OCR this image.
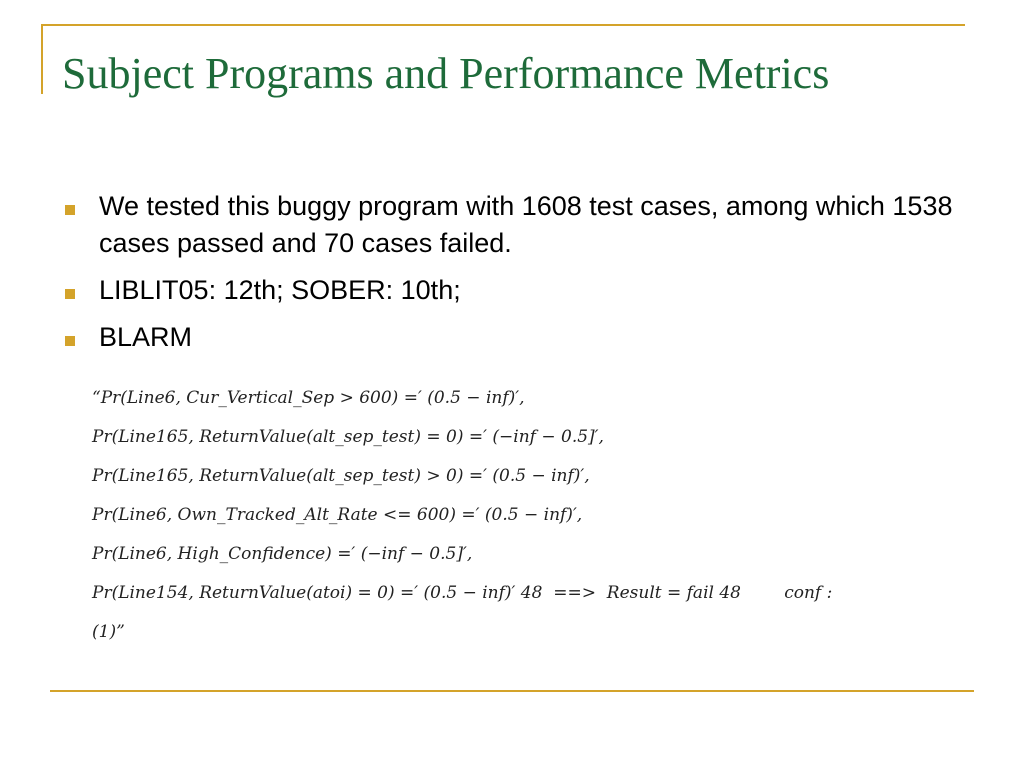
Subject Programs and Performance Metrics
We tested this buggy program with 1608 test cases, among which 1538 cases passed and 70 cases failed.
LIBLIT05: 12th; SOBER: 10th;
BLARM
“Pr(Line6, Cur_Vertical_Sep > 600) =′ (0.5 − inf)′,
Pr(Line165, ReturnValue(alt_sep_test) = 0) =′ (−inf − 0.5]′,
Pr(Line165, ReturnValue(alt_sep_test) > 0) =′ (0.5 − inf)′,
Pr(Line6, Own_Tracked_Alt_Rate <= 600) =′ (0.5 − inf)′,
Pr(Line6, High_Confidence) =′ (−inf − 0.5]′,
Pr(Line154, ReturnValue(atoi) = 0) =′ (0.5 − inf)′ 48  ==>  Result = fail 48        conf :
(1)”
